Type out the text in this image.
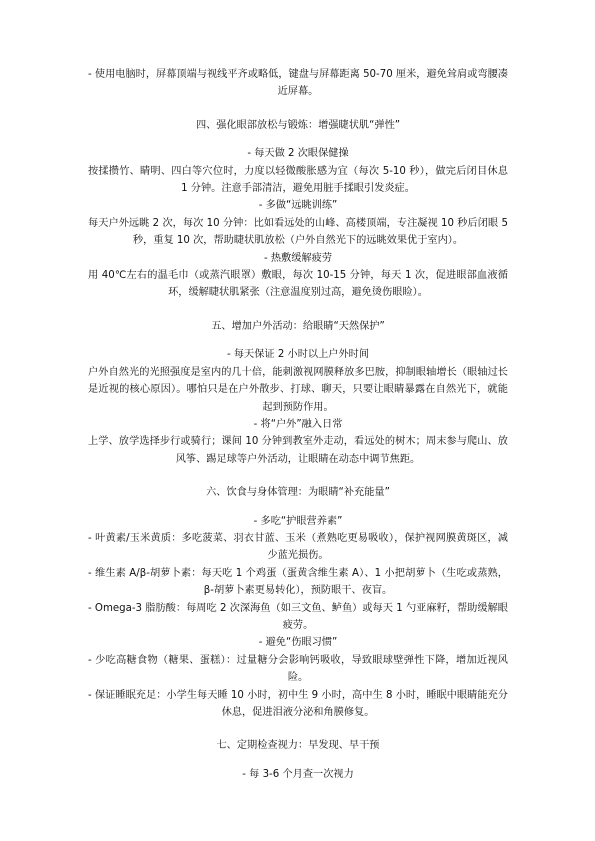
- 使用电脑时，屏幕顶端与视线平齐或略低，键盘与屏幕距离 50-70 厘米，避免耸肩或弯腰凑近屏幕。

四、强化眼部放松与锻炼：增强睫状肌“弹性”

- 每天做 2 次眼保健操

按揉攒竹、睛明、四白等穴位时，力度以轻微酸胀感为宜（每次 5-10 秒），做完后闭目休息 1 分钟。注意手部清洁，避免用脏手揉眼引发炎症。

- 多做“远眺训练”

每天户外远眺 2 次，每次 10 分钟：比如看远处的山峰、高楼顶端，专注凝视 10 秒后闭眼 5 秒，重复 10 次，帮助睫状肌放松（户外自然光下的远眺效果优于室内）。

- 热敷缓解疲劳

用 40℃左右的温毛巾（或蒸汽眼罩）敷眼，每次 10-15 分钟，每天 1 次，促进眼部血液循环，缓解睫状肌紧张（注意温度别过高，避免烫伤眼睑）。

五、增加户外活动：给眼睛“天然保护”

- 每天保证 2 小时以上户外时间

户外自然光的光照强度是室内的几十倍，能刺激视网膜释放多巴胺，抑制眼轴增长（眼轴过长是近视的核心原因）。哪怕只是在户外散步、打球、聊天，只要让眼睛暴露在自然光下，就能起到预防作用。

- 将“户外”融入日常

上学、放学选择步行或骑行；课间 10 分钟到教室外走动，看远处的树木；周末参与爬山、放风筝、踢足球等户外活动，让眼睛在动态中调节焦距。

六、饮食与身体管理：为眼睛“补充能量”

- 多吃“护眼营养素”

- 叶黄素/玉米黄质：多吃菠菜、羽衣甘蓝、玉米（煮熟吃更易吸收），保护视网膜黄斑区，减少蓝光损伤。

- 维生素 A/β-胡萝卜素：每天吃 1 个鸡蛋（蛋黄含维生素 A）、1 小把胡萝卜（生吃或蒸熟，β-胡萝卜素更易转化），预防眼干、夜盲。

- Omega-3 脂肪酸：每周吃 2 次深海鱼（如三文鱼、鲈鱼）或每天 1 勺亚麻籽，帮助缓解眼疲劳。

- 避免“伤眼习惯”

- 少吃高糖食物（糖果、蛋糕）：过量糖分会影响钙吸收，导致眼球壁弹性下降，增加近视风险。

- 保证睡眠充足：小学生每天睡 10 小时，初中生 9 小时，高中生 8 小时，睡眠中眼睛能充分休息，促进泪液分泌和角膜修复。

七、定期检查视力：早发现、早干预

- 每 3-6 个月查一次视力
